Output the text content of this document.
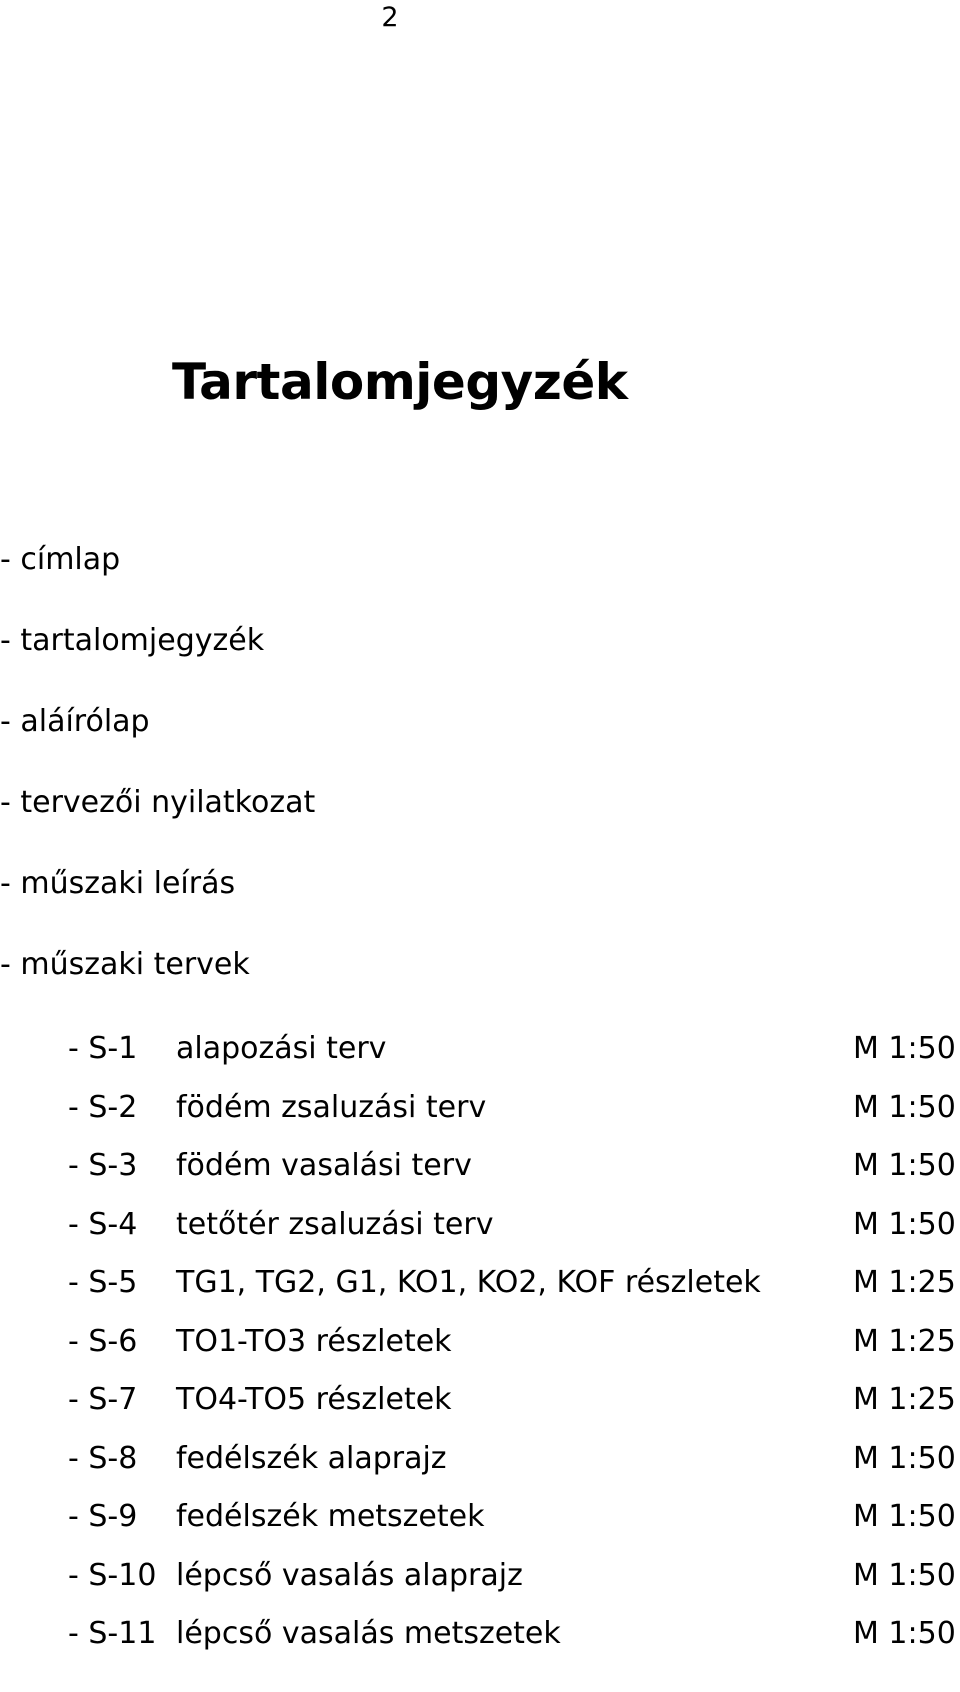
2
Tartalomjegyzék
- címlap
- tartalomjegyzék
- aláírólap
- tervezői nyilatkozat
- műszaki leírás
- műszaki tervek
- S-1 alapozási terv	M 1:50
- S-2 födém zsaluzási terv	M 1:50
- S-3 födém vasalási terv	M 1:50
- S-4 tetőtér zsaluzási terv	M 1:50
- S-5 TG1, TG2, G1, KO1, KO2, KOF részletek	M 1:25
- S-6 TO1-TO3 részletek	M 1:25
- S-7 TO4-TO5 részletek	M 1:25
- S-8 fedélszék alaprajz	M 1:50
- S-9 fedélszék metszetek	M 1:50
- S-10 lépcső vasalás alaprajz	M 1:50
- S-11 lépcső vasalás metszetek	M 1:50
